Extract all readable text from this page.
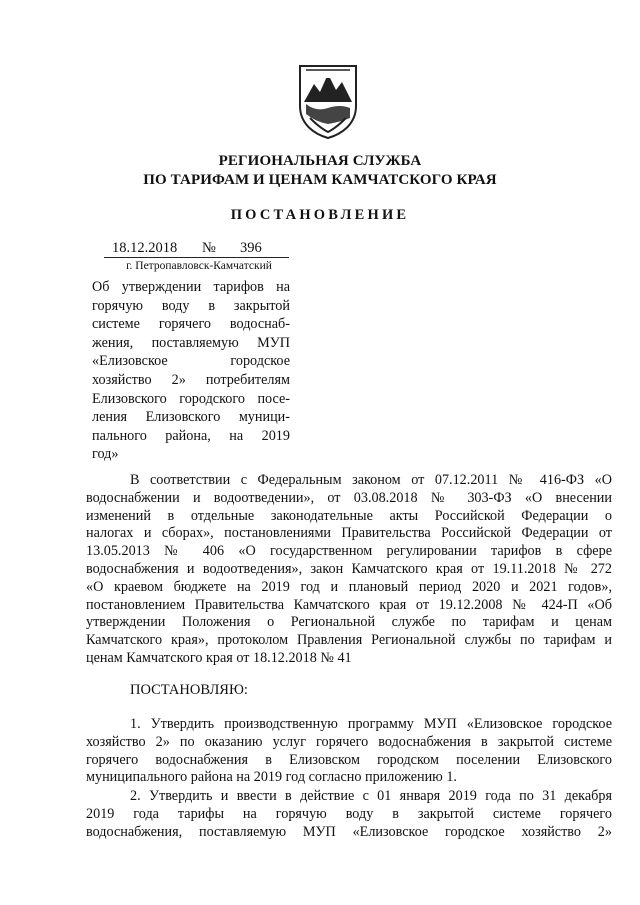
РЕГИОНАЛЬНАЯ СЛУЖБА
ПО ТАРИФАМ И ЦЕНАМ КАМЧАТСКОГО КРАЯ
ПОСТАНОВЛЕНИЕ
18.12.2018 № 396
г. Петропавловск-Камчатский
Об утверждении тарифов на
горячую воду в закрытой
системе горячего водоснаб-
жения, поставляемую МУП
«Елизовское городское
хозяйство 2» потребителям
Елизовского городского посе-
ления Елизовского муници-
пального района, на 2019
год»
В соответствии с Федеральным законом от 07.12.2011 № 416-ФЗ «О
водоснабжении и водоотведении», от 03.08.2018 № 303-ФЗ «О внесении
изменений в отдельные законодательные акты Российской Федерации о
налогах и сборах», постановлениями Правительства Российской Федерации от
13.05.2013 № 406 «О государственном регулировании тарифов в сфере
водоснабжения и водоотведения», закон Камчатского края от 19.11.2018 № 272
«О краевом бюджете на 2019 год и плановый период 2020 и 2021 годов»,
постановлением Правительства Камчатского края от 19.12.2008 № 424-П «Об
утверждении Положения о Региональной службе по тарифам и ценам
Камчатского края», протоколом Правления Региональной службы по тарифам и
ценам Камчатского края от 18.12.2018 № 41
ПОСТАНОВЛЯЮ:
1. Утвердить производственную программу МУП «Елизовское городское
хозяйство 2» по оказанию услуг горячего водоснабжения в закрытой системе
горячего водоснабжения в Елизовском городском поселении Елизовского
муниципального района на 2019 год согласно приложению 1.
2. Утвердить и ввести в действие с 01 января 2019 года по 31 декабря
2019 года тарифы на горячую воду в закрытой системе горячего
водоснабжения, поставляемую МУП «Елизовское городское хозяйство 2»
